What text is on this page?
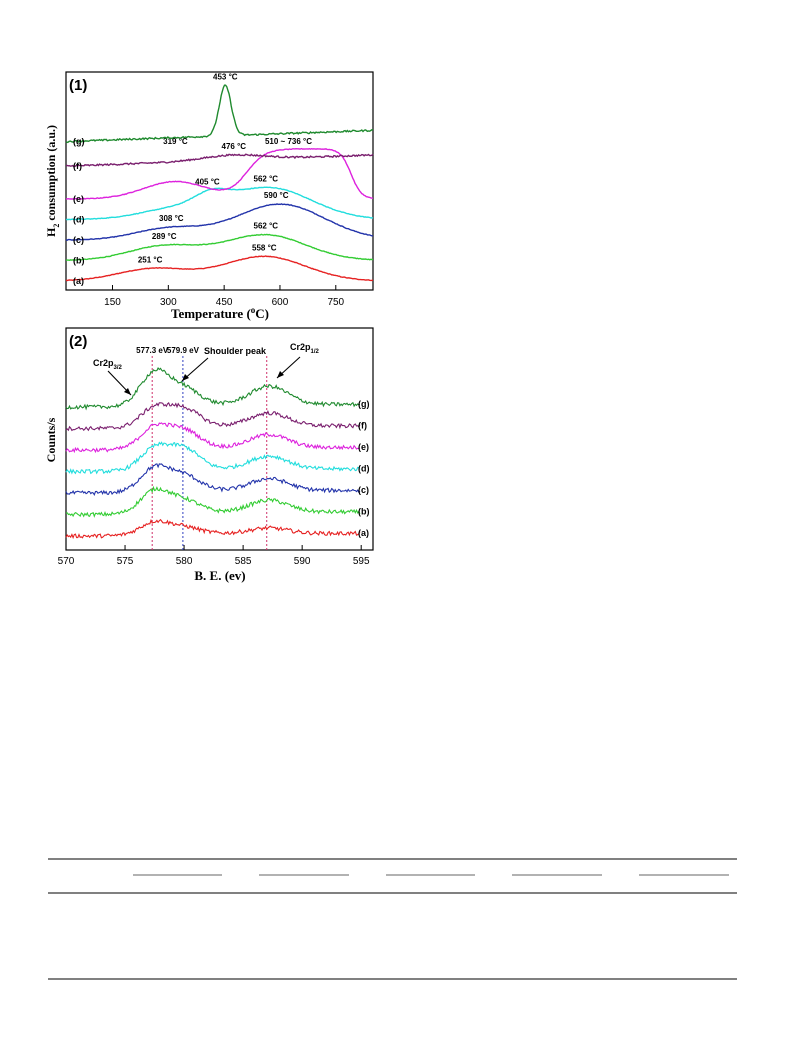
(1)
(a)
251 °C
558 °C
(b)
289 °C
562 °C
(c)
308 °C
590 °C
(d)
405 °C	562 °C
(e)
319 °C	510 ~ 736 °C
(f)
476 °C
(g)
453 °C
150	300	450	600	750
Temperature ($^o$C)
$H_2$ consumption (a.u.)
(2)
577.3 eV
579.9 eV
(a)
(b)
(c)
(d)
(e)
(f)
(g)
570	575	580	585	590	595
$Cr2p_{3/2}$
Shoulder peak	$Cr2p_{1/2}$
B. E. (ev)
Counts/s
